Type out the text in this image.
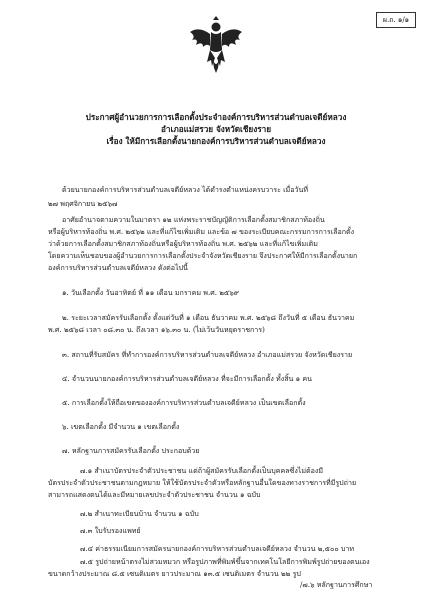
ผ.ถ. ๑/๑
ประกาศผู้อำนวยการการเลือกตั้งประจำองค์การบริหารส่วนตำบลเจดีย์หลวง
อำเภอแม่สรวย จังหวัดเชียงราย
เรื่อง ให้มีการเลือกตั้งนายกองค์การบริหารส่วนตำบลเจดีย์หลวง
ด้วยนายกองค์การบริหารส่วนตำบลเจดีย์หลวง ได้ดำรงตำแหน่งครบวาระ เมื่อวันที่
๒๗ พฤศจิกายน ๒๕๖๗
อาศัยอำนาจตามความในมาตรา ๑๒ แห่งพระราชบัญญัติการเลือกตั้งสมาชิกสภาท้องถิ่น
หรือผู้บริหารท้องถิ่น พ.ศ. ๒๕๖๒ และที่แก้ไขเพิ่มเติม และข้อ ๗ ของระเบียบคณะกรรมการการเลือกตั้ง
ว่าด้วยการเลือกตั้งสมาชิกสภาท้องถิ่นหรือผู้บริหารท้องถิ่น พ.ศ. ๒๕๖๒ และที่แก้ไขเพิ่มเติม
โดยความเห็นชอบของผู้อำนวยการการเลือกตั้งประจำจังหวัดเชียงราย จึงประกาศให้มีการเลือกตั้งนายก
องค์การบริหารส่วนตำบลเจดีย์หลวง ดังต่อไปนี้
๑. วันเลือกตั้ง วันอาทิตย์ ที่ ๑๑ เดือน มกราคม พ.ศ. ๒๕๖๙
๒. ระยะเวลาสมัครรับเลือกตั้ง ตั้งแต่วันที่ ๑ เดือน ธันวาคม พ.ศ. ๒๕๖๘ ถึงวันที่ ๕ เดือน ธันวาคม
พ.ศ. ๒๕๖๘ เวลา ๐๘.๓๐ น. ถึงเวลา ๑๖.๓๐ น. (ไม่เว้นวันหยุดราชการ)
๓. สถานที่รับสมัคร ที่ทำการองค์การบริหารส่วนตำบลเจดีย์หลวง อำเภอแม่สรวย จังหวัดเชียงราย
๔. จำนวนนายกองค์การบริหารส่วนตำบลเจดีย์หลวง ที่จะมีการเลือกตั้ง ทั้งสิ้น ๑ คน
๕. การเลือกตั้งให้ถือเขตขององค์การบริหารส่วนตำบลเจดีย์หลวง เป็นเขตเลือกตั้ง
๖. เขตเลือกตั้ง มีจำนวน ๑ เขตเลือกตั้ง
๗. หลักฐานการสมัครรับเลือกตั้ง ประกอบด้วย
๗.๑ สำเนาบัตรประจำตัวประชาชน แต่ถ้าผู้สมัครรับเลือกตั้งเป็นบุคคลซึ่งไม่ต้องมี
บัตรประจำตัวประชาชนตามกฎหมาย ให้ใช้บัตรประจำตัวหรือหลักฐานอื่นใดของทางราชการที่มีรูปถ่าย
สามารถแสดงตนได้และมีหมายเลขประจำตัวประชาชน จำนวน ๑ ฉบับ
๗.๒ สำเนาทะเบียนบ้าน จำนวน ๑ ฉบับ
๗.๓ ใบรับรองแพทย์
๗.๔ ค่าธรรมเนียมการสมัครนายกองค์การบริหารส่วนตำบลเจดีย์หลวง จำนวน ๒,๕๐๐ บาท
๗.๕ รูปถ่ายหน้าตรงไม่สวมหมวก หรือรูปภาพที่พิมพ์ขึ้นจากเทคโนโลยีการพิมพ์รูปถ่ายของตนเอง
ขนาดกว้างประมาณ ๘.๕ เซนติเมตร ยาวประมาณ ๑๓.๕ เซนติเมตร จำนวน ๒๒ รูป
/๗.๖ หลักฐานการศึกษา
